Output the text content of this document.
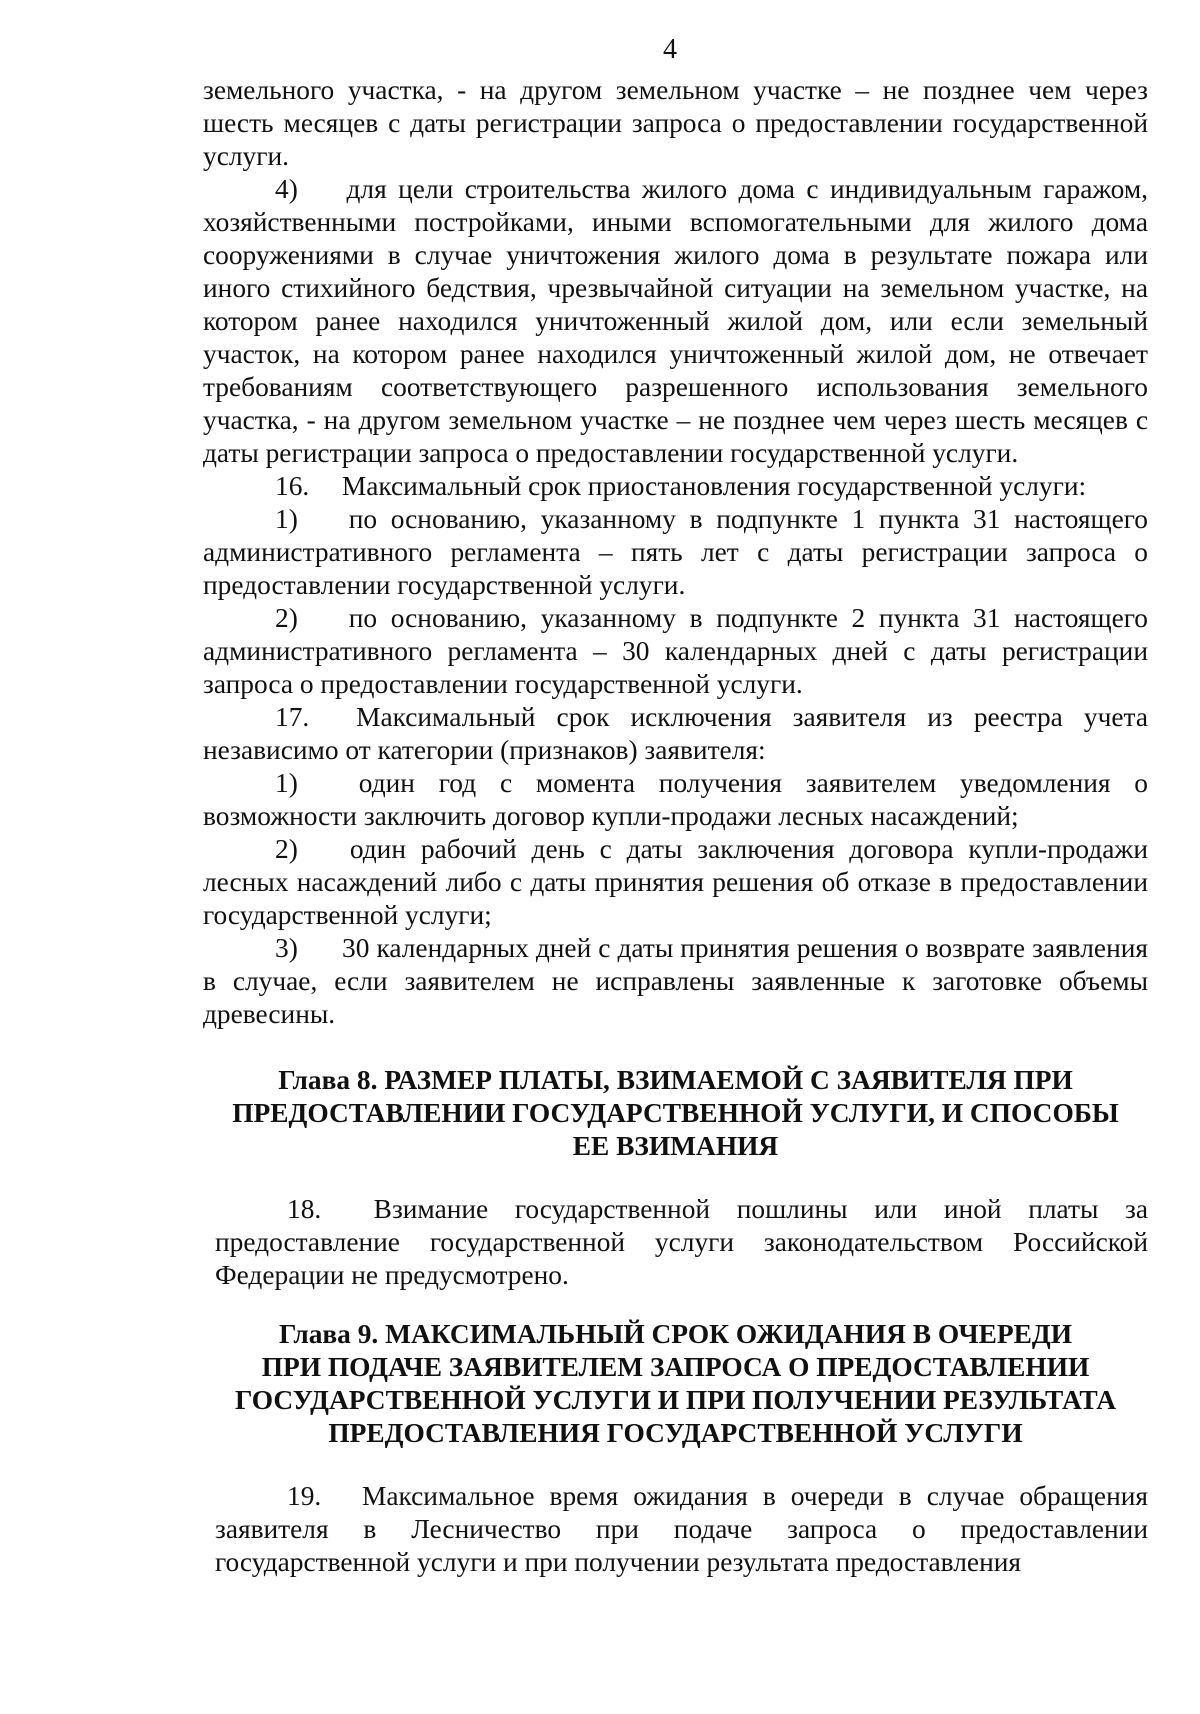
4

земельного участка, - на другом земельном участке – не позднее чем через шесть месяцев с даты регистрации запроса о предоставлении государственной услуги.

4) для цели строительства жилого дома с индивидуальным гаражом, хозяйственными постройками, иными вспомогательными для жилого дома сооружениями в случае уничтожения жилого дома в результате пожара или иного стихийного бедствия, чрезвычайной ситуации на земельном участке, на котором ранее находился уничтоженный жилой дом, или если земельный участок, на котором ранее находился уничтоженный жилой дом, не отвечает требованиям соответствующего разрешенного использования земельного участка, - на другом земельном участке – не позднее чем через шесть месяцев с даты регистрации запроса о предоставлении государственной услуги.

16. Максимальный срок приостановления государственной услуги:

1) по основанию, указанному в подпункте 1 пункта 31 настоящего административного регламента – пять лет с даты регистрации запроса о предоставлении государственной услуги.

2) по основанию, указанному в подпункте 2 пункта 31 настоящего административного регламента – 30 календарных дней с даты регистрации запроса о предоставлении государственной услуги.

17. Максимальный срок исключения заявителя из реестра учета независимо от категории (признаков) заявителя:

1) один год с момента получения заявителем уведомления о возможности заключить договор купли-продажи лесных насаждений;

2) один рабочий день с даты заключения договора купли-продажи лесных насаждений либо с даты принятия решения об отказе в предоставлении государственной услуги;

3) 30 календарных дней с даты принятия решения о возврате заявления в случае, если заявителем не исправлены заявленные к заготовке объемы древесины.

Глава 8. РАЗМЕР ПЛАТЫ, ВЗИМАЕМОЙ С ЗАЯВИТЕЛЯ ПРИ
ПРЕДОСТАВЛЕНИИ ГОСУДАРСТВЕННОЙ УСЛУГИ, И СПОСОБЫ
ЕЕ ВЗИМАНИЯ

18. Взимание государственной пошлины или иной платы за предоставление государственной услуги законодательством Российской Федерации не предусмотрено.

Глава 9. МАКСИМАЛЬНЫЙ СРОК ОЖИДАНИЯ В ОЧЕРЕДИ
ПРИ ПОДАЧЕ ЗАЯВИТЕЛЕМ ЗАПРОСА О ПРЕДОСТАВЛЕНИИ
ГОСУДАРСТВЕННОЙ УСЛУГИ И ПРИ ПОЛУЧЕНИИ РЕЗУЛЬТАТА
ПРЕДОСТАВЛЕНИЯ ГОСУДАРСТВЕННОЙ УСЛУГИ

19. Максимальное время ожидания в очереди в случае обращения заявителя в Лесничество при подаче запроса о предоставлении государственной услуги и при получении результата предоставления
